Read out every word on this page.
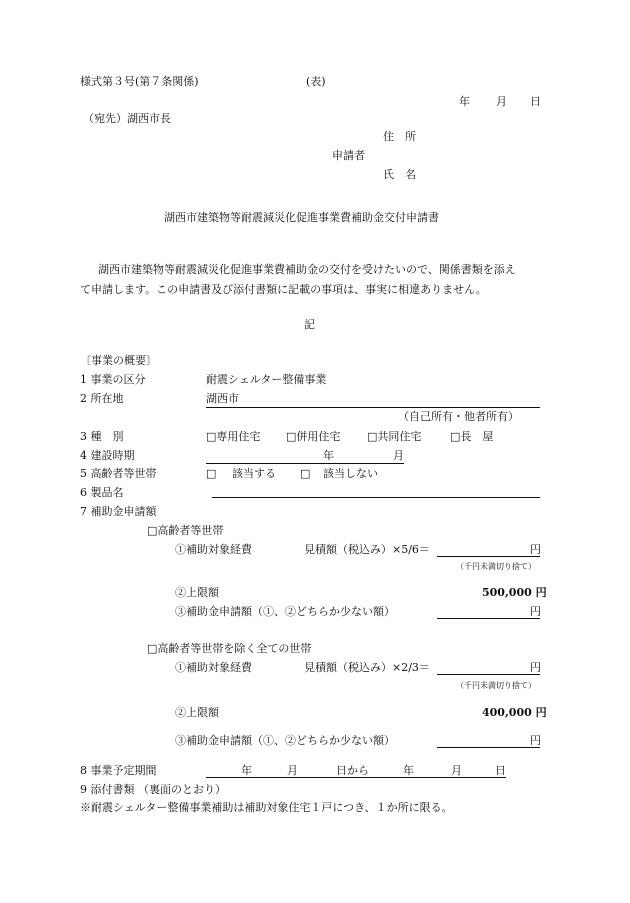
様式第３号(第７条関係)	(表)
年 月 日
（宛先）湖西市長
住　所
申請者
氏　名
湖西市建築物等耐震減災化促進事業費補助金交付申請書
湖西市建築物等耐震減災化促進事業費補助金の交付を受けたいので、関係書類を添え
て申請します。この申請書及び添付書類に記載の事項は、事実に相違ありません。
記
〔事業の概要〕
1 事業の区分	耐震シェルター整備事業
2 所在地	湖西市
（自己所有・他者所有）
3 種　別	□専用住宅 □併用住宅 □共同住宅	□長　屋
4 建設時期	年	月
5 高齢者等世帯	□ 該当する □ 該当しない
6 製品名
7 補助金申請額
□高齢者等世帯
①補助対象経費	見積額（税込み）×5/6＝	円
（千円未満切り捨て）
②上限額	500,000 円
③補助金申請額（①、②どちらか少ない額）	円
□高齢者等世帯を除く全ての世帯
①補助対象経費	見積額（税込み）×2/3＝	円
（千円未満切り捨て）
②上限額	400,000 円
③補助金申請額（①、②どちらか少ない額）	円
8 事業予定期間	年	月	日から	年	月	日
9 添付書類 （裏面のとおり）
※耐震シェルター整備事業補助は補助対象住宅１戸につき、１か所に限る。
